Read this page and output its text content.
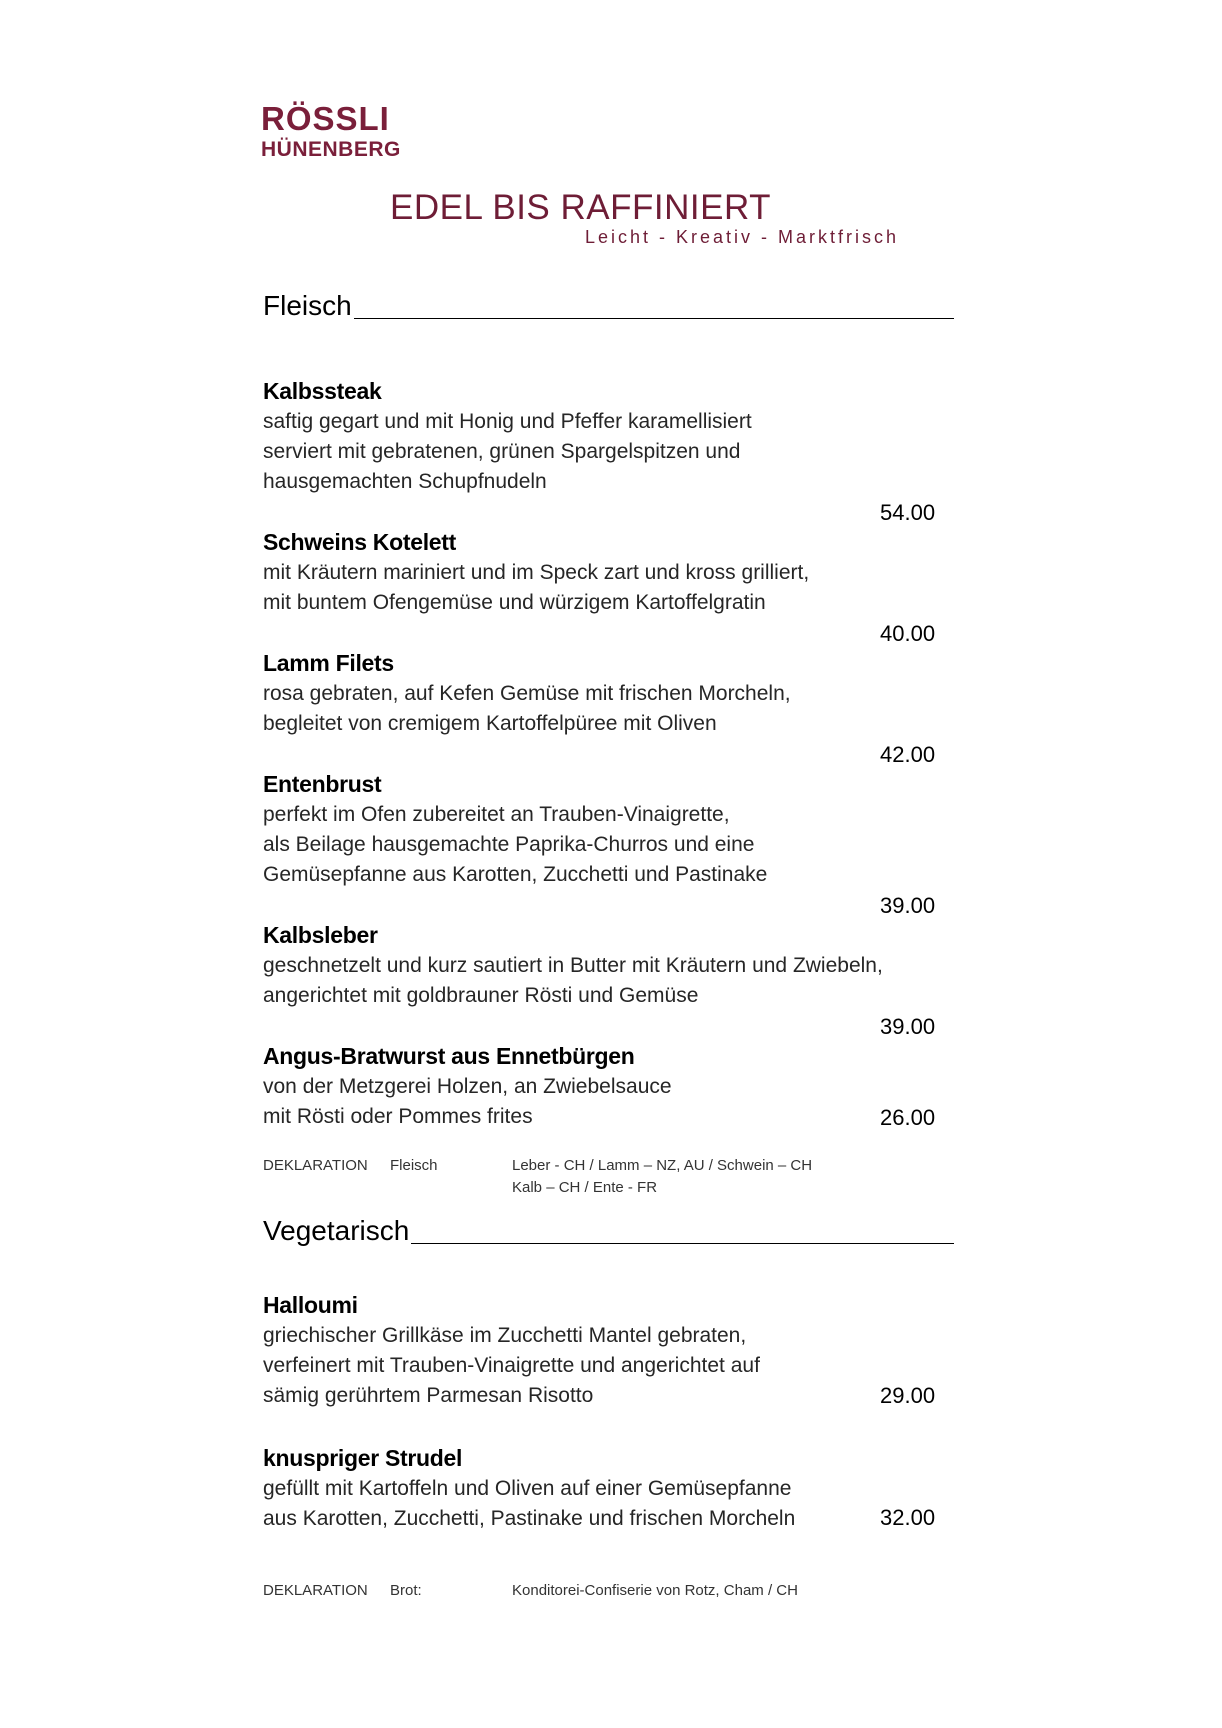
RÖSSLI
HÜNENBERG
EDEL BIS RAFFINIERT
Leicht - Kreativ - Marktfrisch
Fleisch
Kalbssteak
saftig gegart und mit Honig und Pfeffer karamellisiert
serviert mit gebratenen, grünen Spargelspitzen und
hausgemachten Schupfnudeln
54.00
Schweins Kotelett
mit Kräutern mariniert und im Speck zart und kross grilliert,
mit buntem Ofengemüse und würzigem Kartoffelgratin
40.00
Lamm Filets
rosa gebraten, auf Kefen Gemüse mit frischen Morcheln,
begleitet von cremigem Kartoffelpüree mit Oliven
42.00
Entenbrust
perfekt im Ofen zubereitet an Trauben-Vinaigrette,
als Beilage hausgemachte Paprika-Churros und eine
Gemüsepfanne aus Karotten, Zucchetti und Pastinake
39.00
Kalbsleber
geschnetzelt und kurz sautiert in Butter mit Kräutern und Zwiebeln,
angerichtet mit goldbrauner Rösti und Gemüse
39.00
Angus-Bratwurst aus Ennetbürgen
von der Metzgerei Holzen, an Zwiebelsauce
mit Rösti oder Pommes frites	26.00
DEKLARATION Fleisch	Leber - CH / Lamm – NZ, AU / Schwein – CH
Kalb – CH / Ente - FR
Vegetarisch
Halloumi
griechischer Grillkäse im Zucchetti Mantel gebraten,
verfeinert mit Trauben-Vinaigrette und angerichtet auf
sämig gerührtem Parmesan Risotto	29.00
knuspriger Strudel
gefüllt mit Kartoffeln und Oliven auf einer Gemüsepfanne
aus Karotten, Zucchetti, Pastinake und frischen Morcheln	32.00
DEKLARATION Brot:	Konditorei-Confiserie von Rotz, Cham / CH
